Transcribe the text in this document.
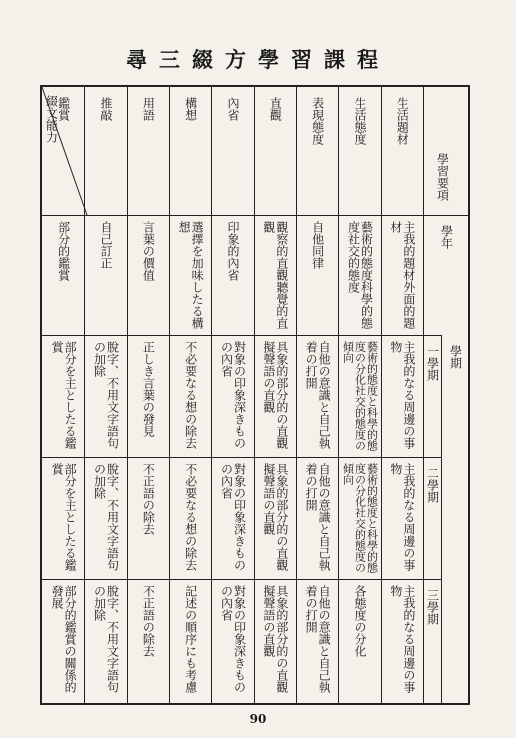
尋三綴方學習課程
生活題材
主我的題材外面的題材
主我的なる周邊の事物
主我的なる周邊の事物
主我的なる周邊の事物
生活態度
藝術的態度科學的態度社交的態度
藝術的態度と科學的態度の分化社交的態度の傾向
藝術的態度と科學的態度の分化社交的態度の傾向
各態度の分化
表現態度
自他同律
自他の意識と自己執着の打開
自他の意識と自己執着の打開
自他の意識と自己執着の打開
直觀
觀察的直觀聽覺的直觀
具象的部分的の直觀擬聲語の直觀
具象的部分的の直觀擬聲語の直觀
具象的部分的の直觀擬聲語の直觀
內省
印象的內省
對象の印象深きものの內省
對象の印象深きものの內省
對象の印象深きものの內省
構想
選擇を加味したる構想
不必要なる想の除去
不必要なる想の除去
記述の順序にも考慮
用語
言葉の價值
正しき言葉の發見
不正語の除去
不正語の除去
推敲
自己訂正
脫字、不用文字語句の加除
脫字、不用文字語句の加除
脫字、不用文字語句の加除
鑑賞
部分的鑑賞
部分を主としたる鑑賞
部分を主としたる鑑賞
部分的鑑賞の關係的發展
綴文能力
學習要項
學年
學期
一學期
二學期
三學期
90
